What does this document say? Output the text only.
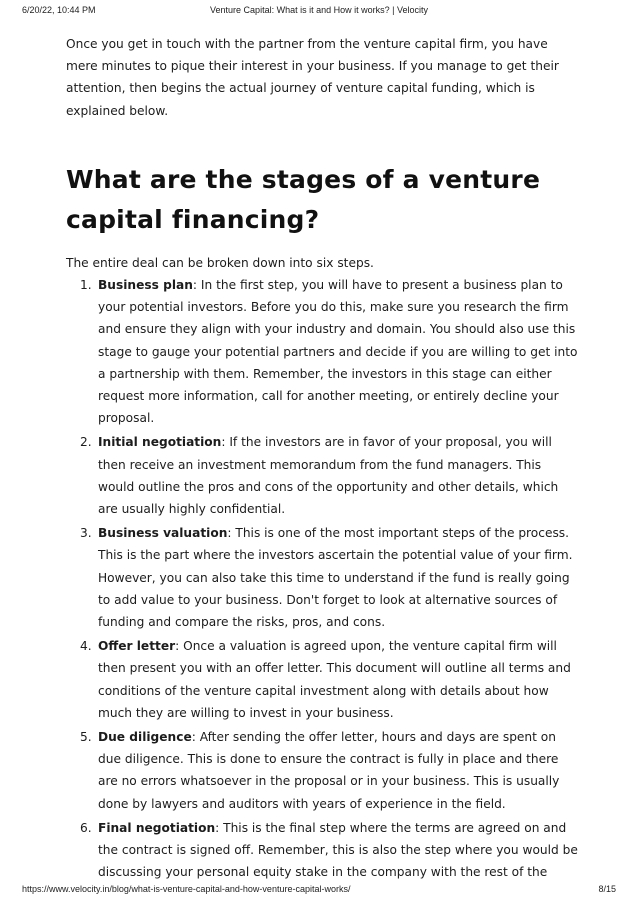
6/20/22, 10:44 PM	Venture Capital: What is it and How it works? | Velocity

Once you get in touch with the partner from the venture capital firm, you have mere minutes to pique their interest in your business. If you manage to get their attention, then begins the actual journey of venture capital funding, which is explained below.

What are the stages of a venture capital financing?

The entire deal can be broken down into six steps.

1. Business plan: In the first step, you will have to present a business plan to your potential investors. Before you do this, make sure you research the firm and ensure they align with your industry and domain. You should also use this stage to gauge your potential partners and decide if you are willing to get into a partnership with them. Remember, the investors in this stage can either request more information, call for another meeting, or entirely decline your proposal.
2. Initial negotiation: If the investors are in favor of your proposal, you will then receive an investment memorandum from the fund managers. This would outline the pros and cons of the opportunity and other details, which are usually highly confidential.
3. Business valuation: This is one of the most important steps of the process. This is the part where the investors ascertain the potential value of your firm. However, you can also take this time to understand if the fund is really going to add value to your business. Don't forget to look at alternative sources of funding and compare the risks, pros, and cons.
4. Offer letter: Once a valuation is agreed upon, the venture capital firm will then present you with an offer letter. This document will outline all terms and conditions of the venture capital investment along with details about how much they are willing to invest in your business.
5. Due diligence: After sending the offer letter, hours and days are spent on due diligence. This is done to ensure the contract is fully in place and there are no errors whatsoever in the proposal or in your business. This is usually done by lawyers and auditors with years of experience in the field.
6. Final negotiation: This is the final step where the terms are agreed on and the contract is signed off. Remember, this is also the step where you would be discussing your personal equity stake in the company with the rest of the
https://www.velocity.in/blog/what-is-venture-capital-and-how-venture-capital-works/	8/15
